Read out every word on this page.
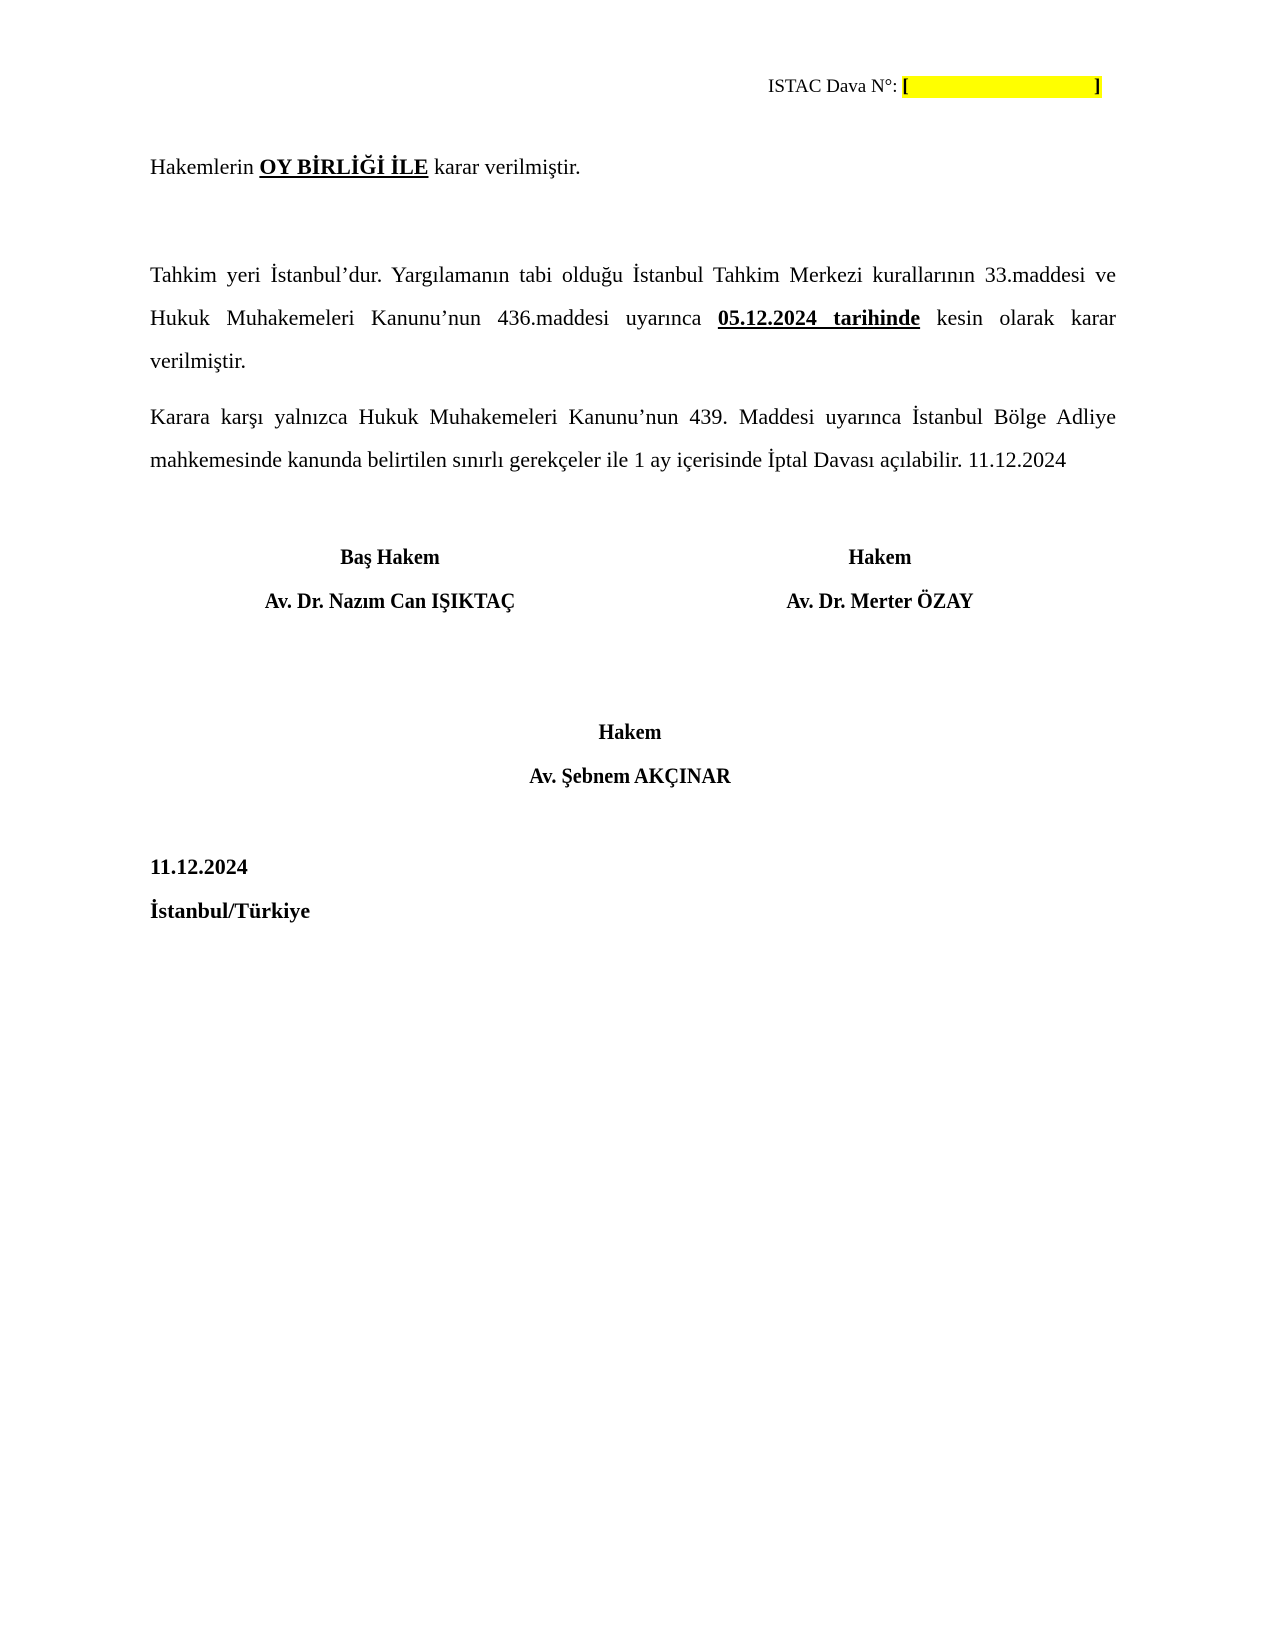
ISTAC Dava N°: [	]
Hakemlerin OY BİRLİĞİ İLE karar verilmiştir.
Tahkim yeri İstanbul’dur. Yargılamanın tabi olduğu İstanbul Tahkim Merkezi kurallarının 33.maddesi ve Hukuk Muhakemeleri Kanunu’nun 436.maddesi uyarınca 05.12.2024 tarihinde kesin olarak karar verilmiştir.
Karara karşı yalnızca Hukuk Muhakemeleri Kanunu’nun 439. Maddesi uyarınca İstanbul Bölge Adliye mahkemesinde kanunda belirtilen sınırlı gerekçeler ile 1 ay içerisinde İptal Davası açılabilir. 11.12.2024
Baş Hakem
Av. Dr. Nazım Can IŞIKTAÇ
Hakem
Av. Dr. Merter ÖZAY
Hakem
Av. Şebnem AKÇINAR
11.12.2024
İstanbul/Türkiye
